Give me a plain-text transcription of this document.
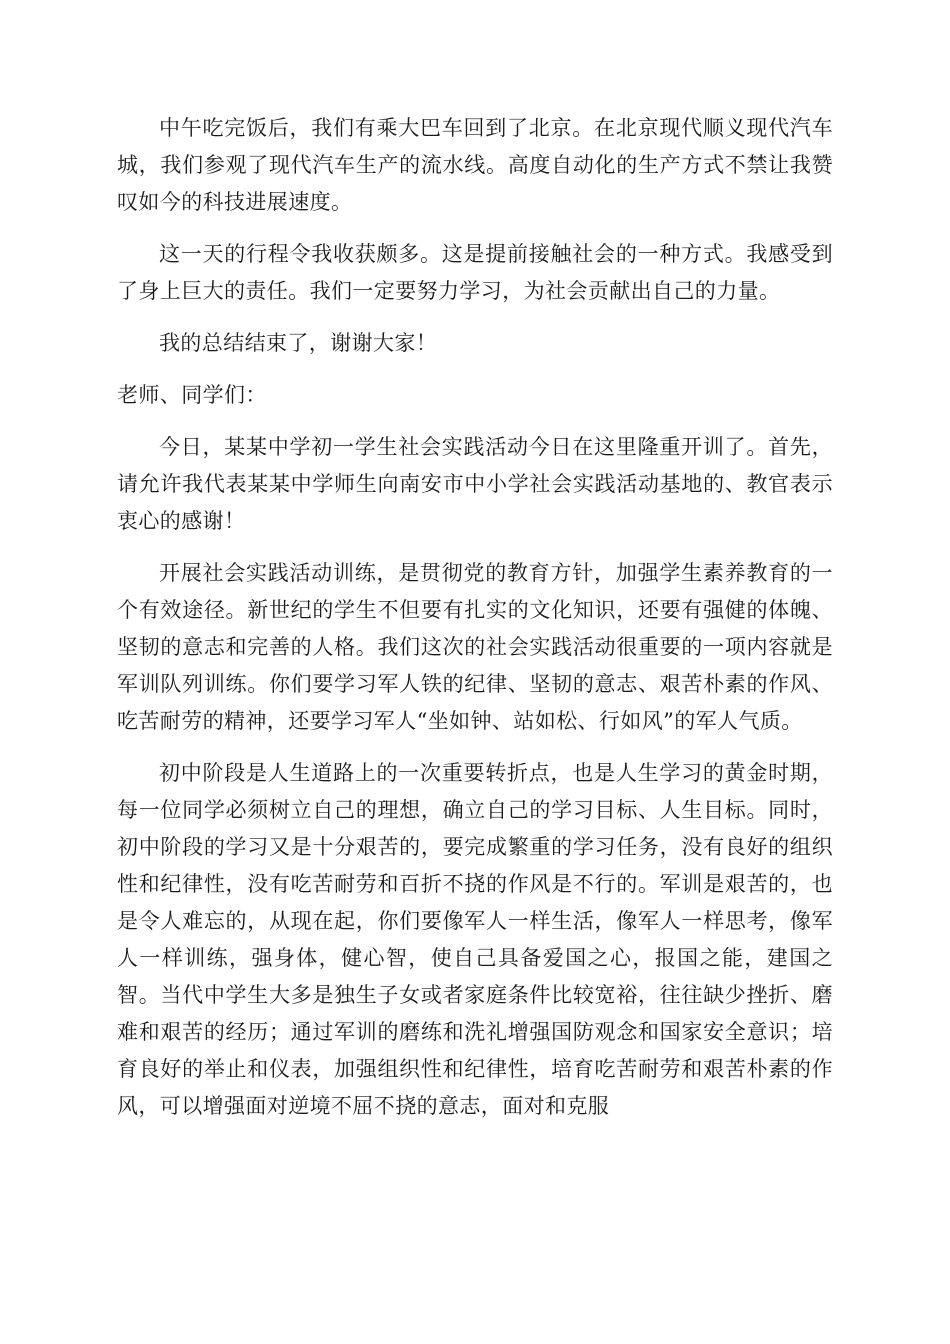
中午吃完饭后，我们有乘大巴车回到了北京。在北京现代顺义现代汽车城，我们参观了现代汽车生产的流水线。高度自动化的生产方式不禁让我赞叹如今的科技进展速度。

这一天的行程令我收获颇多。这是提前接触社会的一种方式。我感受到了身上巨大的责任。我们一定要努力学习，为社会贡献出自己的力量。

我的总结结束了，谢谢大家！

老师、同学们：

今日，某某中学初一学生社会实践活动今日在这里隆重开训了。首先，请允许我代表某某中学师生向南安市中小学社会实践活动基地的、教官表示衷心的感谢！

开展社会实践活动训练，是贯彻党的教育方针，加强学生素养教育的一个有效途径。新世纪的学生不但要有扎实的文化知识，还要有强健的体魄、坚韧的意志和完善的人格。我们这次的社会实践活动很重要的一项内容就是军训队列训练。你们要学习军人铁的纪律、坚韧的意志、艰苦朴素的作风、吃苦耐劳的精神，还要学习军人“坐如钟、站如松、行如风”的军人气质。

初中阶段是人生道路上的一次重要转折点，也是人生学习的黄金时期，每一位同学必须树立自己的理想，确立自己的学习目标、人生目标。同时，初中阶段的学习又是十分艰苦的，要完成繁重的学习任务，没有良好的组织性和纪律性，没有吃苦耐劳和百折不挠的作风是不行的。军训是艰苦的，也是令人难忘的，从现在起，你们要像军人一样生活，像军人一样思考，像军人一样训练，强身体，健心智，使自己具备爱国之心，报国之能，建国之智。当代中学生大多是独生子女或者家庭条件比较宽裕，往往缺少挫折、磨难和艰苦的经历；通过军训的磨练和洗礼增强国防观念和国家安全意识；培育良好的举止和仪表，加强组织性和纪律性，培育吃苦耐劳和艰苦朴素的作风，可以增强面对逆境不屈不挠的意志，面对和克服
